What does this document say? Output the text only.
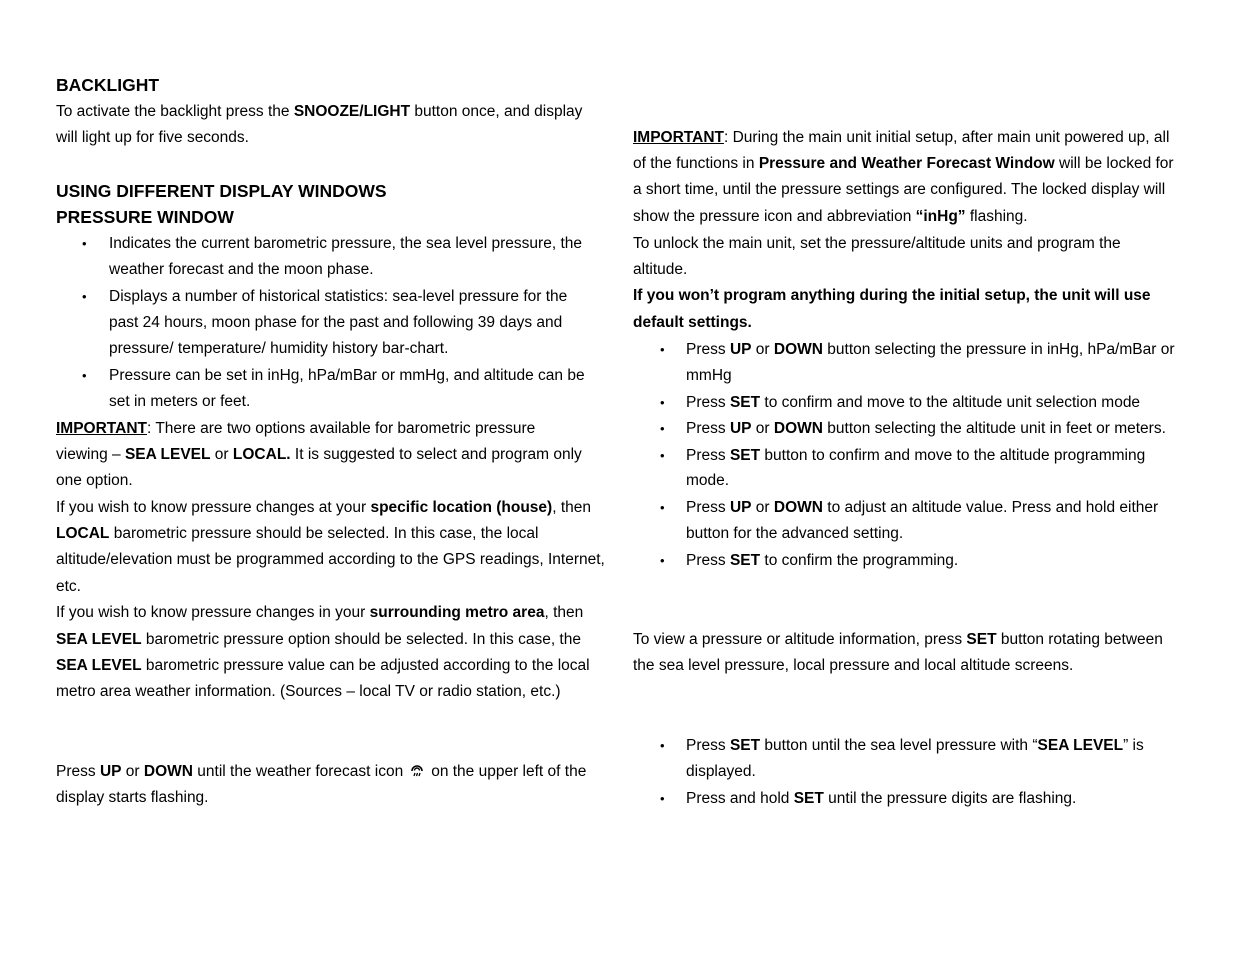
BACKLIGHT
To activate the backlight press the SNOOZE/LIGHT button once, and display
will light up for five seconds.
USING DIFFERENT DISPLAY WINDOWS
PRESSURE WINDOW
• Indicates the current barometric pressure, the sea level pressure, the
weather forecast and the moon phase.
• Displays a number of historical statistics: sea-level pressure for the
past 24 hours, moon phase for the past and following 39 days and
pressure/ temperature/ humidity history bar-chart.
• Pressure can be set in inHg, hPa/mBar or mmHg, and altitude can be
set in meters or feet.
IMPORTANT: There are two options available for barometric pressure
viewing – SEA LEVEL or LOCAL. It is suggested to select and program only
one option.
If you wish to know pressure changes at your specific location (house), then
LOCAL barometric pressure should be selected. In this case, the local
altitude/elevation must be programmed according to the GPS readings, Internet,
etc.
If you wish to know pressure changes in your surrounding metro area, then
SEA LEVEL barometric pressure option should be selected. In this case, the
SEA LEVEL barometric pressure value can be adjusted according to the local
metro area weather information. (Sources – local TV or radio station, etc.)
Press UP or DOWN until the weather forecast icon on the upper left of the
display starts flashing.
IMPORTANT: During the main unit initial setup, after main unit powered up, all
of the functions in Pressure and Weather Forecast Window will be locked for
a short time, until the pressure settings are configured. The locked display will
show the pressure icon and abbreviation “inHg” flashing.
To unlock the main unit, set the pressure/altitude units and program the
altitude.
If you won’t program anything during the initial setup, the unit will use
default settings.
• Press UP or DOWN button selecting the pressure in inHg, hPa/mBar or
mmHg
• Press SET to confirm and move to the altitude unit selection mode
• Press UP or DOWN button selecting the altitude unit in feet or meters.
• Press SET button to confirm and move to the altitude programming
mode.
• Press UP or DOWN to adjust an altitude value. Press and hold either
button for the advanced setting.
• Press SET to confirm the programming.
To view a pressure or altitude information, press SET button rotating between
the sea level pressure, local pressure and local altitude screens.
• Press SET button until the sea level pressure with “SEA LEVEL” is
displayed.
• Press and hold SET until the pressure digits are flashing.
